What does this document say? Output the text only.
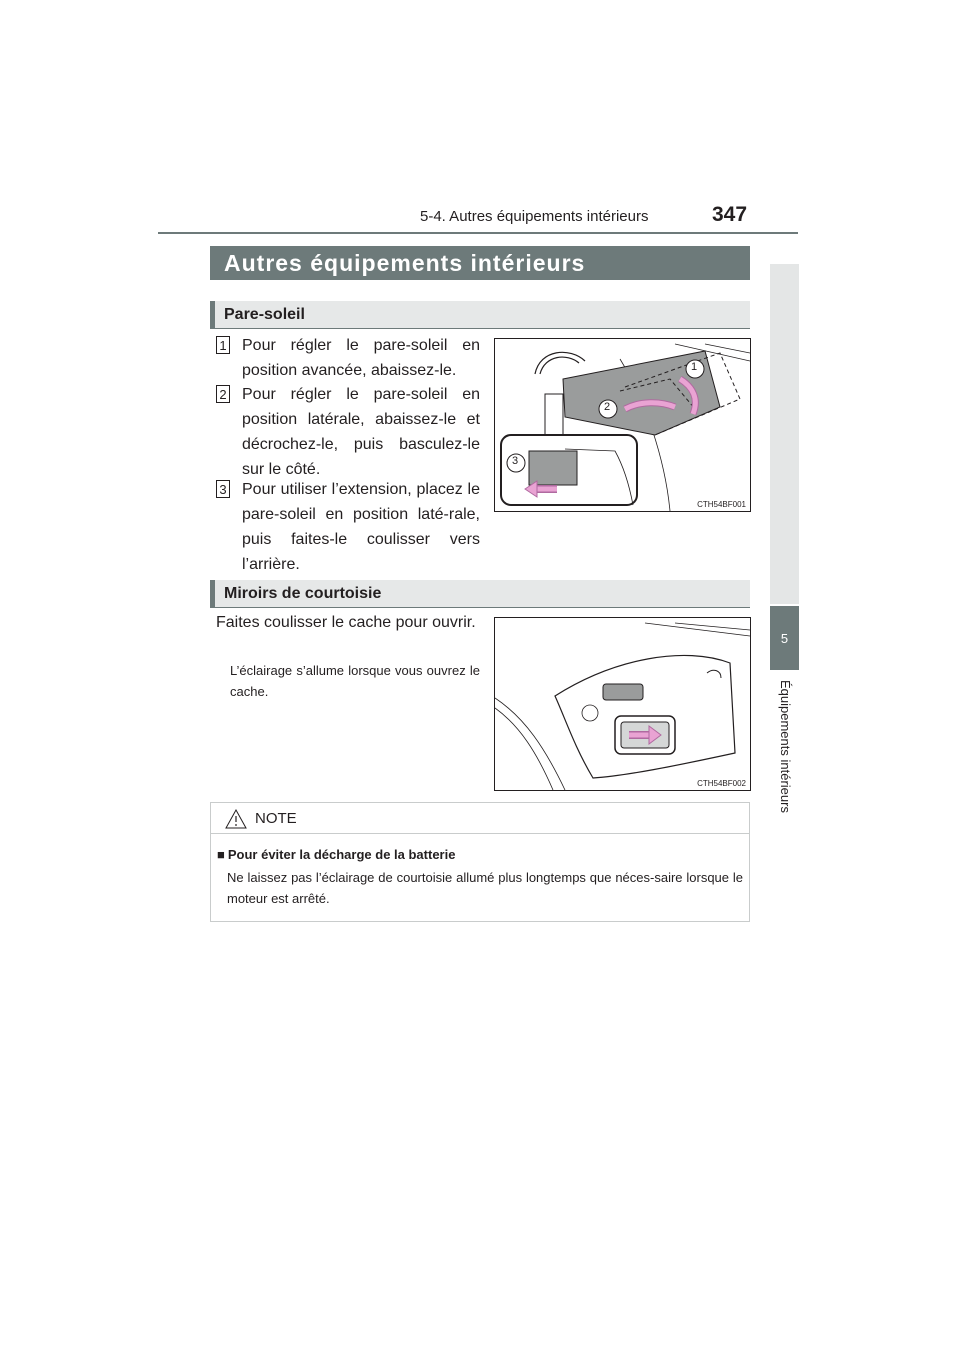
5-4. Autres équipements intérieurs	347
5
Équipements intérieurs
Autres équipements intérieurs
Pare-soleil
1 Pour régler le pare-soleil en position avancée, abaissez-le.
2 Pour régler le pare-soleil en position latérale, abaissez-le et décrochez-le, puis basculez-le sur le côté.
3 Pour utiliser l’extension, placez le pare-soleil en position laté-rale, puis faites-le coulisser vers l’arrière.
1
2
3
CTH54BF001
Miroirs de courtoisie
Faites coulisser le cache pour ouvrir.
L’éclairage s’allume lorsque vous ouvrez le cache.
CTH54BF002
NOTE
■ Pour éviter la décharge de la batterie
Ne laissez pas l’éclairage de courtoisie allumé plus longtemps que néces-saire lorsque le moteur est arrêté.
